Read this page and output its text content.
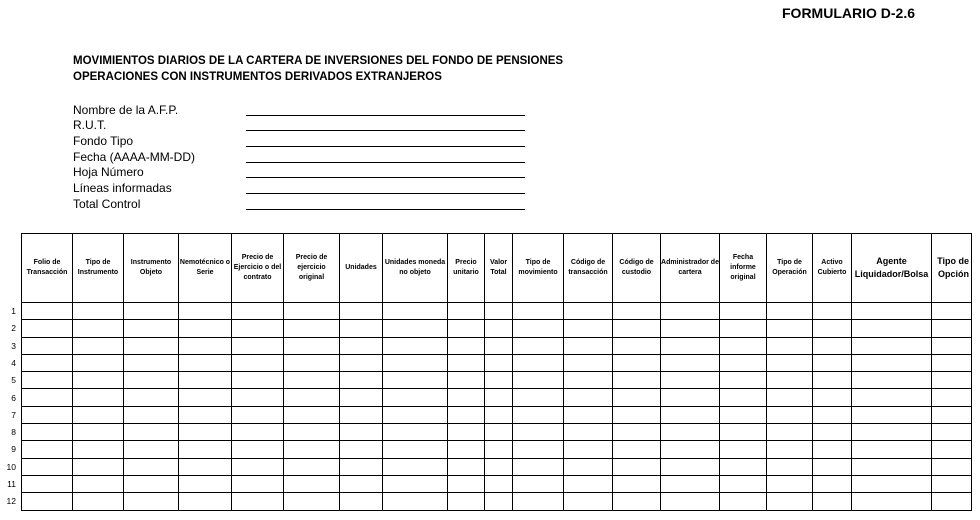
FORMULARIO D-2.6
MOVIMIENTOS DIARIOS DE LA CARTERA DE INVERSIONES DEL FONDO DE PENSIONES
OPERACIONES CON INSTRUMENTOS DERIVADOS EXTRANJEROS
Nombre de la A.F.P.
R.U.T.
Fondo Tipo
Fecha (AAAA-MM-DD)
Hoja Número
Líneas informadas
Total Control
Folio de Transacción	Tipo de Instrumento	Instrumento Objeto	Nemotécnico o Serie	Precio de Ejercicio o del contrato	Precio de ejercicio original	Unidades	Unidades moneda no objeto	Precio unitario	Valor Total	Tipo de movimiento	Código de transacción	Código de custodio	Administrador de cartera	Fecha informe original	Tipo de Operación	Activo Cubierto	Agente Liquidador/Bolsa	Tipo de Opción

1
2
3
4
5
6
7
8
9
10
11
12
